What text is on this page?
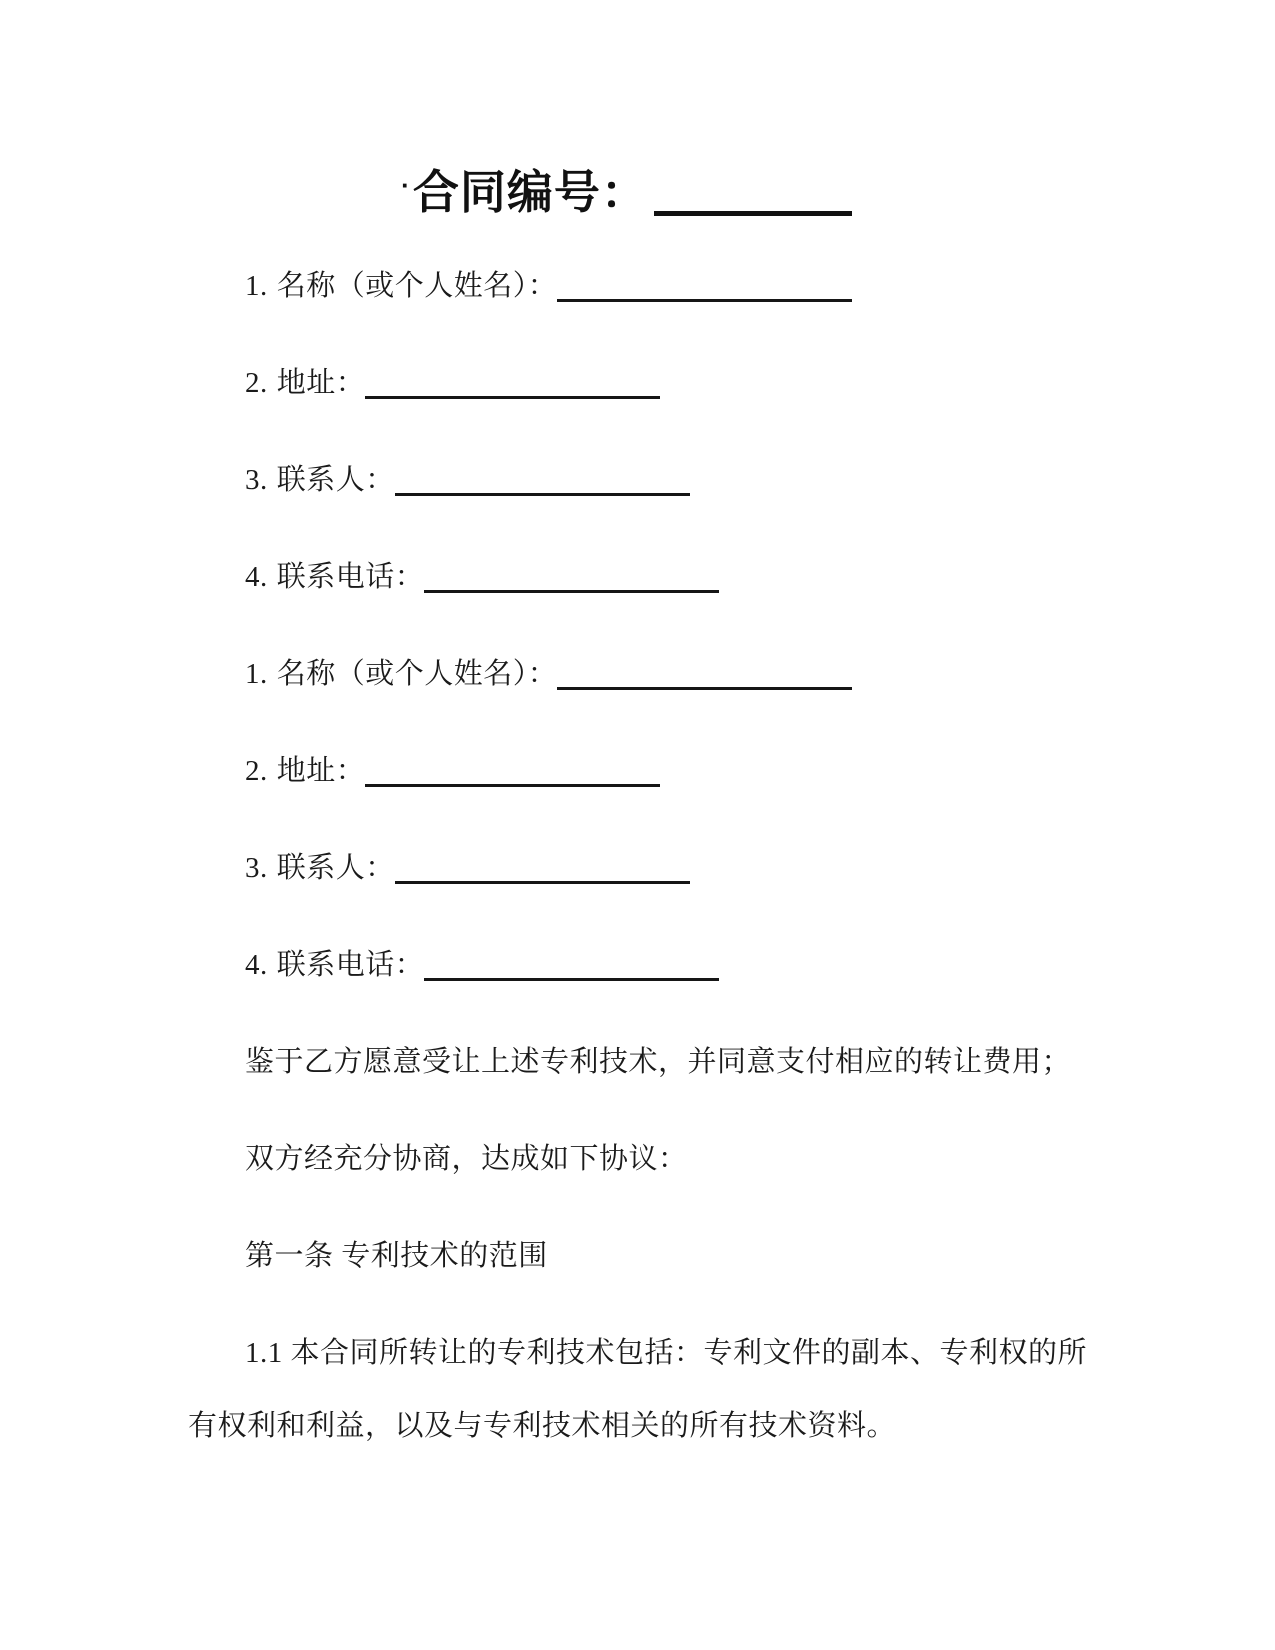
·合同编号：

1. 名称（或个人姓名）：

2. 地址：

3. 联系人：

4. 联系电话：

1. 名称（或个人姓名）：

2. 地址：

3. 联系人：

4. 联系电话：

鉴于乙方愿意受让上述专利技术，并同意支付相应的转让费用；

双方经充分协商，达成如下协议：

第一条 专利技术的范围

1.1 本合同所转让的专利技术包括：专利文件的副本、专利权的所有权利和利益，以及与专利技术相关的所有技术资料。
